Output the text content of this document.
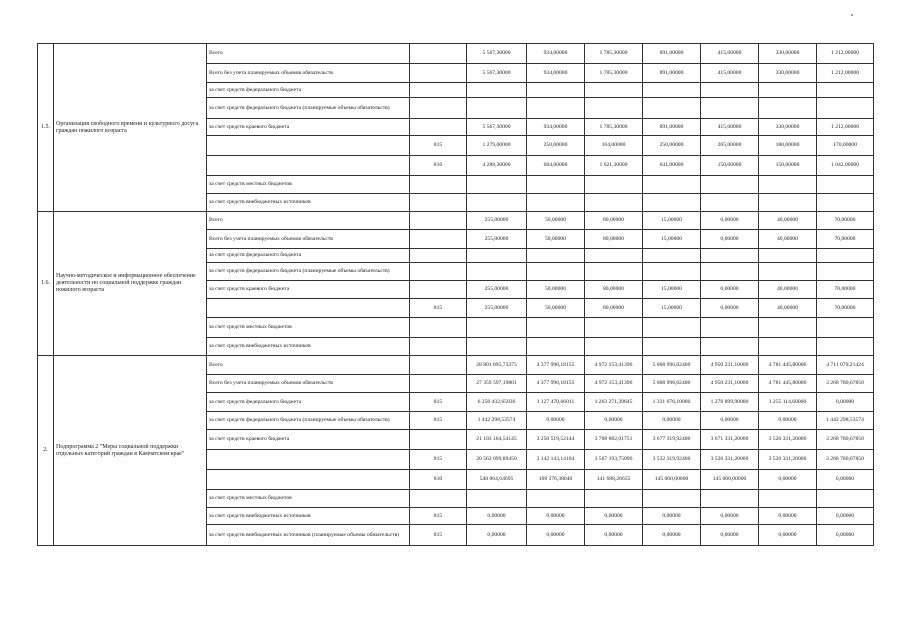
1.5.	Организация свободного времени и культурного досуга граждан пожилого возраста	Всего		5 567,30000	934,00000	1 785,30000	891,00000	415,00000	330,00000	1 212,00000
		Всего без учета планируемых объемов обязательств		5 567,30000	934,00000	1 785,30000	891,00000	415,00000	330,00000	1 212,00000
		за счет средств федерального бюджета								
		за счет средств федерального бюджета (планируемые объемы обязательств)								
		за счет средств краевого бюджета		5 567,30000	934,00000	1 785,30000	891,00000	415,00000	330,00000	1 212,00000
			815	1 279,00000	250,00000	164,00000	250,00000	265,00000	180,00000	170,00000
			816	4 288,30000	684,00000	1 621,30000	641,00000	150,00000	150,00000	1 042,00000
		за счет средств местных бюджетов								
		за счет средств внебюджетных источников								
1.6.	Научно-методическое и информационное обеспечение деятельности по социальной поддержке граждан пожилого возраста	Всего		255,00000	50,00000	80,00000	15,00000	0,00000	40,00000	70,00000
		Всего без учета планируемых объемов обязательств		255,00000	50,00000	80,00000	15,00000	0,00000	40,00000	70,00000
		за счет средств федерального бюджета								
		за счет средств федерального бюджета (планируемые объемы обязательств)								
		за счет средств краевого бюджета		255,00000	50,00000	80,00000	15,00000	0,00000	40,00000	70,00000
			815	255,00000	50,00000	80,00000	15,00000	0,00000	40,00000	70,00000
		за счет средств местных бюджетов								
		за счет средств внебюджетных источников								
2.	Подпрограмма 2 "Меры социальной поддержки отдельных категорий граждан в Камчатском крае"	Всего		28 801 895,73375	4 377 990,18155	4 972 153,41396	5 008 996,02400	4 950 231,10000	4 781 445,80000	4 711 079,21424
		Всего без учета планируемых объемов обязательств		27 359 597,19801	4 377 990,18155	4 972 153,41396	5 008 996,02400	4 950 231,10000	4 781 445,80000	3 268 780,67850
		за счет средств федерального бюджета	815	6 256 432,65036	1 127 470,66011	1 263 271,39645	1 331 676,10000	1 278 899,90000	1 255 114,60000	0,00000
		за счет средств федерального бюджета (планируемые объемы обязательств)	815	1 442 298,53574	0,00000	0,00000	0,00000	0,00000	0,00000	1 442 298,53574
		за счет средств краевого бюджета		21 103 164,54145	3 250 519,52144	3 708 882,01751	3 677 319,92400	3 671 331,20000	3 526 331,20000	3 268 780,67850
			815	20 563 099,89450	3 142 143,14104	3 567 193,75096	3 532 319,92400	3 526 331,20000	3 526 331,20000	3 268 780,67850
			810	540 064,64695	108 376,38040	141 688,26655	145 000,00000	145 000,00000	0,00000	0,00000
		за счет средств местных бюджетов								
		за счет средств внебюджетных источников	815	0,00000	0,00000	0,00000	0,00000	0,00000	0,00000	0,00000
		за счет средств внебюджетных источников (планируемые объемы обязательств)	815	0,00000	0,00000	0,00000	0,00000	0,00000	0,00000	0,00000
